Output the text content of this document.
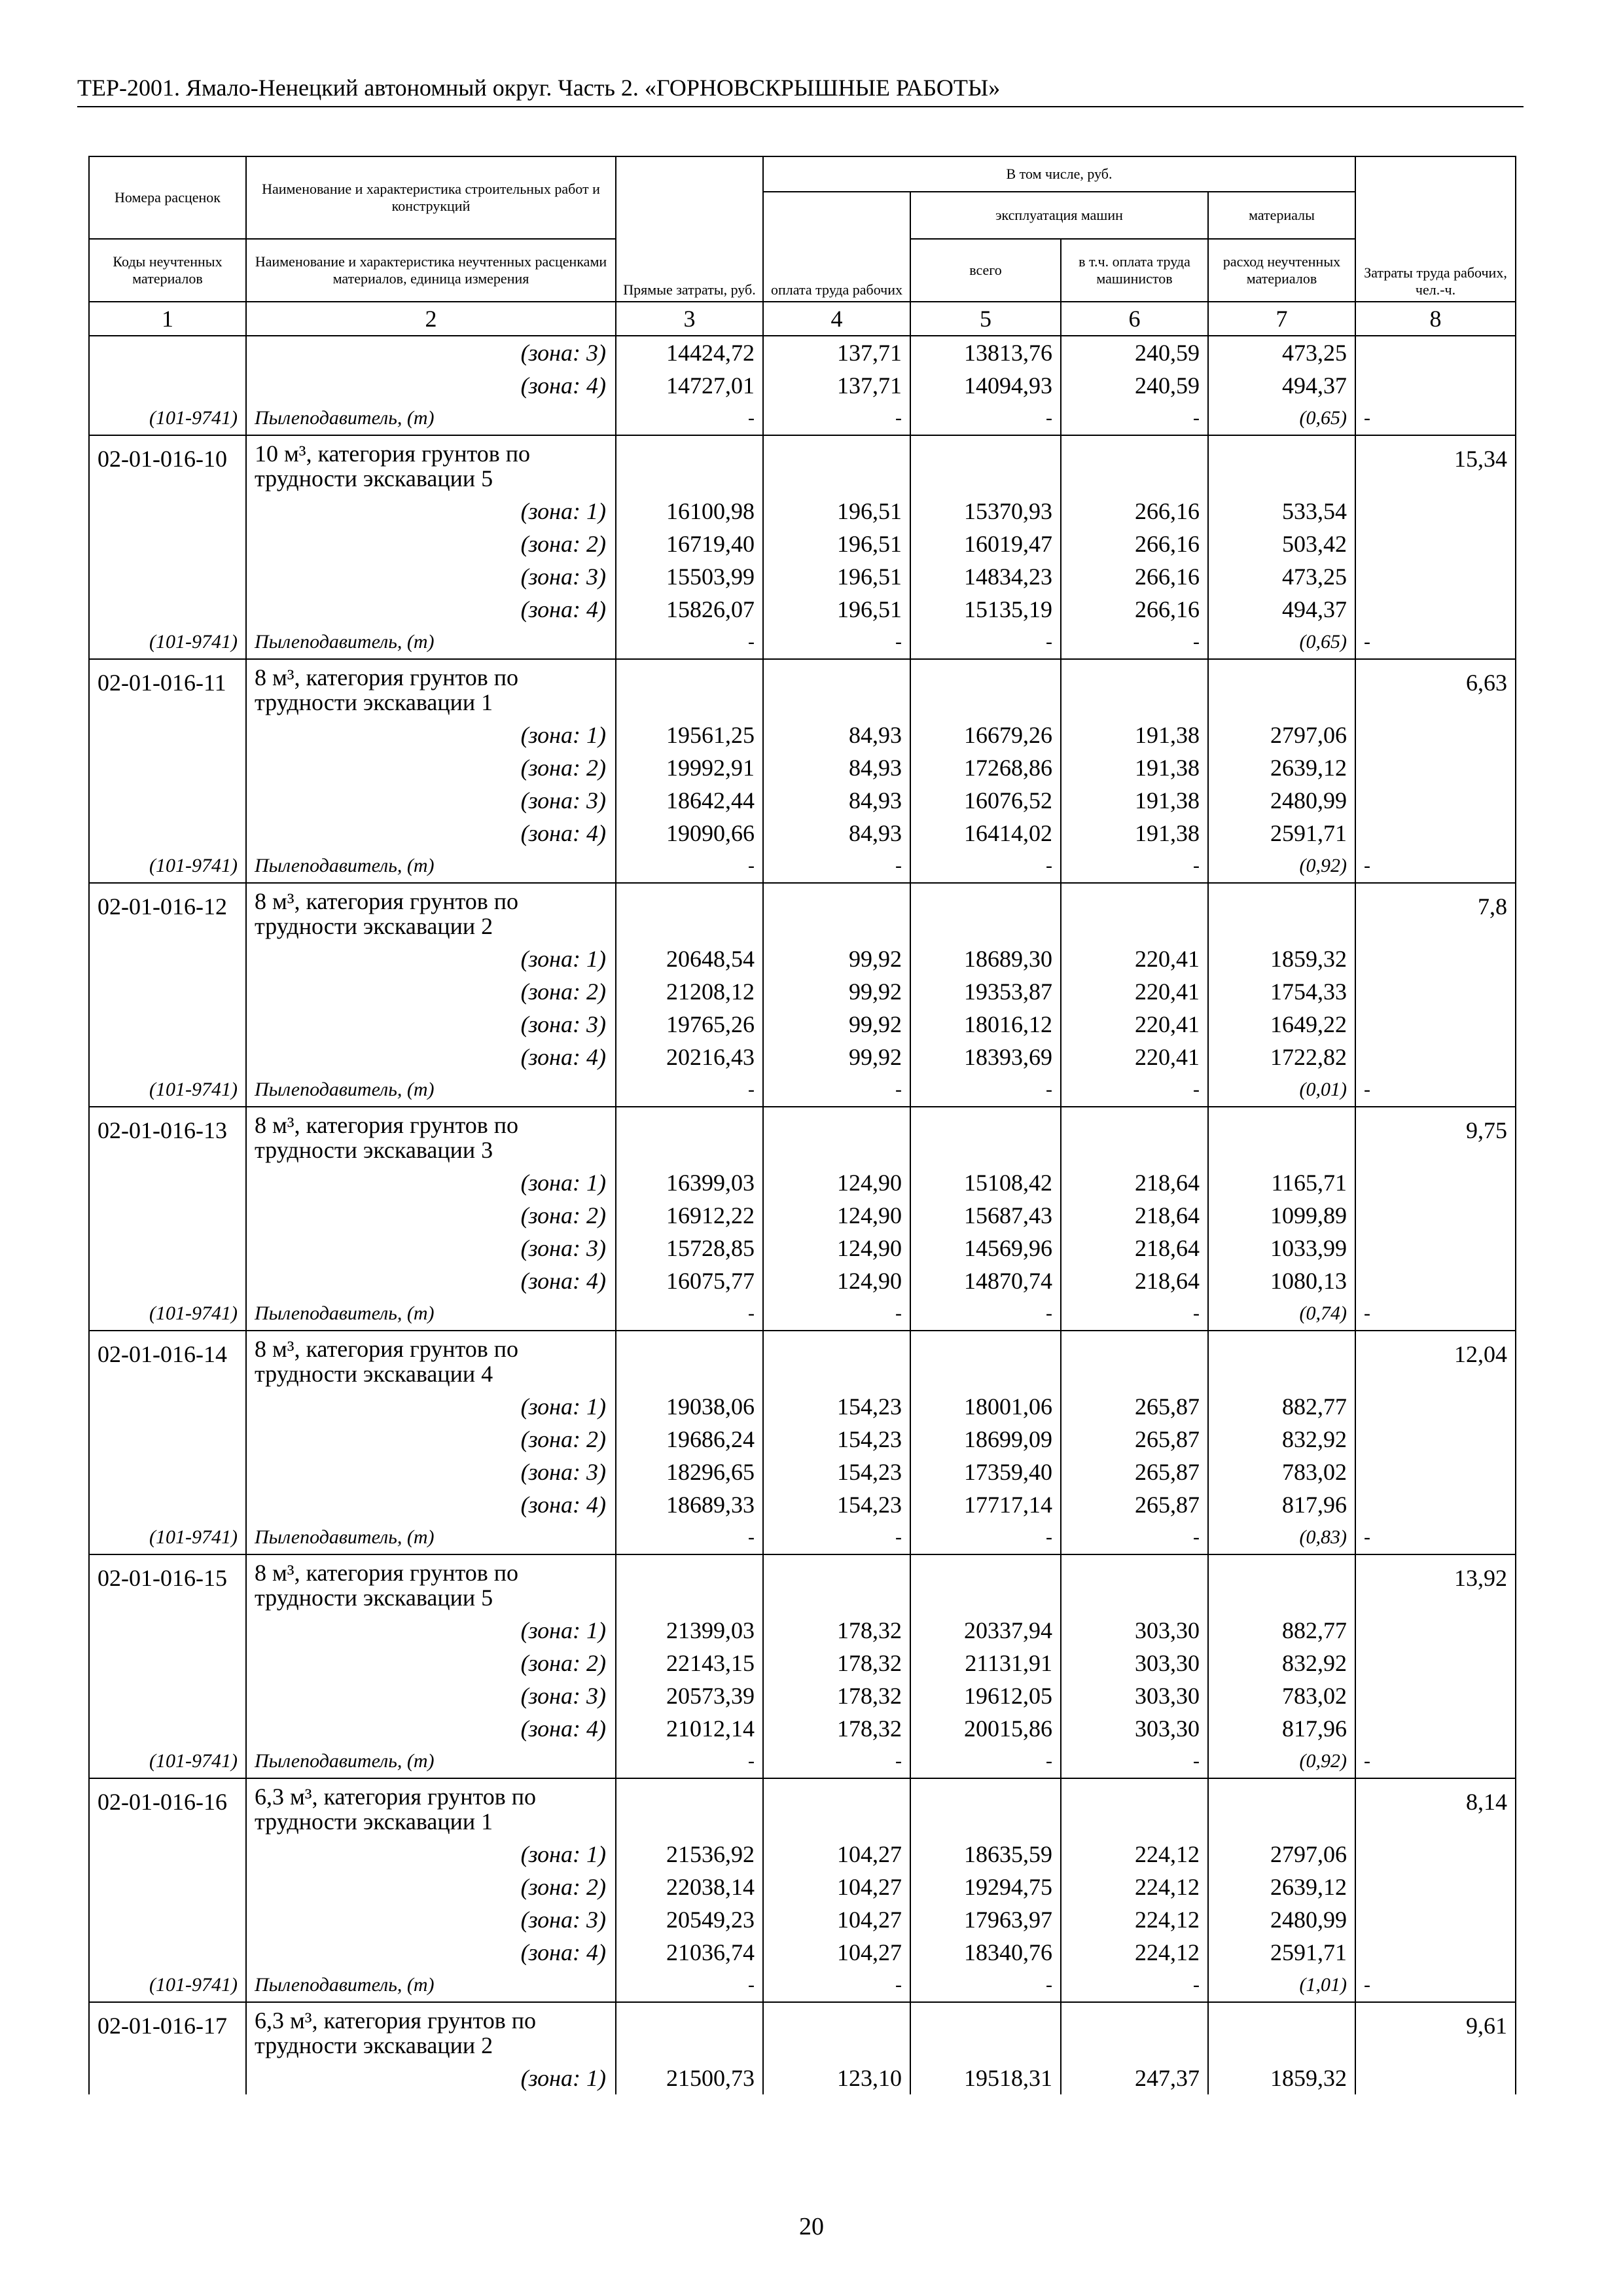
ТЕР-2001. Ямало-Ненецкий автономный округ. Часть 2. «ГОРНОВСКРЫШНЫЕ РАБОТЫ»
Номера расценок	Наименование и характеристика строительных работ и конструкций	Прямые затраты, руб.	В том числе, руб.				Затраты труда рабочих, чел.-ч.
			оплата труда рабочих	эксплуатация машин		материалы	
Коды неучтенных материалов	Наименование и характеристика неучтенных расценками материалов, единица измерения			всего	в т.ч. оплата труда машинистов	расход неучтенных материалов	
1	2	3	4	5	6	7	8
	(зона: 3)	14424,72	137,71	13813,76	240,59	473,25	
	(зона: 4)	14727,01	137,71	14094,93	240,59	494,37	
(101-9741)	Пылеподавитель, (т)	-	-	-	-	(0,65)	-
02-01-016-10	10 м³, категория грунтов по трудности экскавации 5						15,34
	(зона: 1)	16100,98	196,51	15370,93	266,16	533,54	
	(зона: 2)	16719,40	196,51	16019,47	266,16	503,42	
	(зона: 3)	15503,99	196,51	14834,23	266,16	473,25	
	(зона: 4)	15826,07	196,51	15135,19	266,16	494,37	
(101-9741)	Пылеподавитель, (т)	-	-	-	-	(0,65)	-
02-01-016-11	8 м³, категория грунтов по трудности экскавации 1						6,63
	(зона: 1)	19561,25	84,93	16679,26	191,38	2797,06	
	(зона: 2)	19992,91	84,93	17268,86	191,38	2639,12	
	(зона: 3)	18642,44	84,93	16076,52	191,38	2480,99	
	(зона: 4)	19090,66	84,93	16414,02	191,38	2591,71	
(101-9741)	Пылеподавитель, (т)	-	-	-	-	(0,92)	-
02-01-016-12	8 м³, категория грунтов по трудности экскавации 2						7,8
	(зона: 1)	20648,54	99,92	18689,30	220,41	1859,32	
	(зона: 2)	21208,12	99,92	19353,87	220,41	1754,33	
	(зона: 3)	19765,26	99,92	18016,12	220,41	1649,22	
	(зона: 4)	20216,43	99,92	18393,69	220,41	1722,82	
(101-9741)	Пылеподавитель, (т)	-	-	-	-	(0,01)	-
02-01-016-13	8 м³, категория грунтов по трудности экскавации 3						9,75
	(зона: 1)	16399,03	124,90	15108,42	218,64	1165,71	
	(зона: 2)	16912,22	124,90	15687,43	218,64	1099,89	
	(зона: 3)	15728,85	124,90	14569,96	218,64	1033,99	
	(зона: 4)	16075,77	124,90	14870,74	218,64	1080,13	
(101-9741)	Пылеподавитель, (т)	-	-	-	-	(0,74)	-
02-01-016-14	8 м³, категория грунтов по трудности экскавации 4						12,04
	(зона: 1)	19038,06	154,23	18001,06	265,87	882,77	
	(зона: 2)	19686,24	154,23	18699,09	265,87	832,92	
	(зона: 3)	18296,65	154,23	17359,40	265,87	783,02	
	(зона: 4)	18689,33	154,23	17717,14	265,87	817,96	
(101-9741)	Пылеподавитель, (т)	-	-	-	-	(0,83)	-
02-01-016-15	8 м³, категория грунтов по трудности экскавации 5						13,92
	(зона: 1)	21399,03	178,32	20337,94	303,30	882,77	
	(зона: 2)	22143,15	178,32	21131,91	303,30	832,92	
	(зона: 3)	20573,39	178,32	19612,05	303,30	783,02	
	(зона: 4)	21012,14	178,32	20015,86	303,30	817,96	
(101-9741)	Пылеподавитель, (т)	-	-	-	-	(0,92)	-
02-01-016-16	6,3 м³, категория грунтов по трудности экскавации 1						8,14
	(зона: 1)	21536,92	104,27	18635,59	224,12	2797,06	
	(зона: 2)	22038,14	104,27	19294,75	224,12	2639,12	
	(зона: 3)	20549,23	104,27	17963,97	224,12	2480,99	
	(зона: 4)	21036,74	104,27	18340,76	224,12	2591,71	
(101-9741)	Пылеподавитель, (т)	-	-	-	-	(1,01)	-
02-01-016-17	6,3 м³, категория грунтов по трудности экскавации 2						9,61
	(зона: 1)	21500,73	123,10	19518,31	247,37	1859,32	
20
